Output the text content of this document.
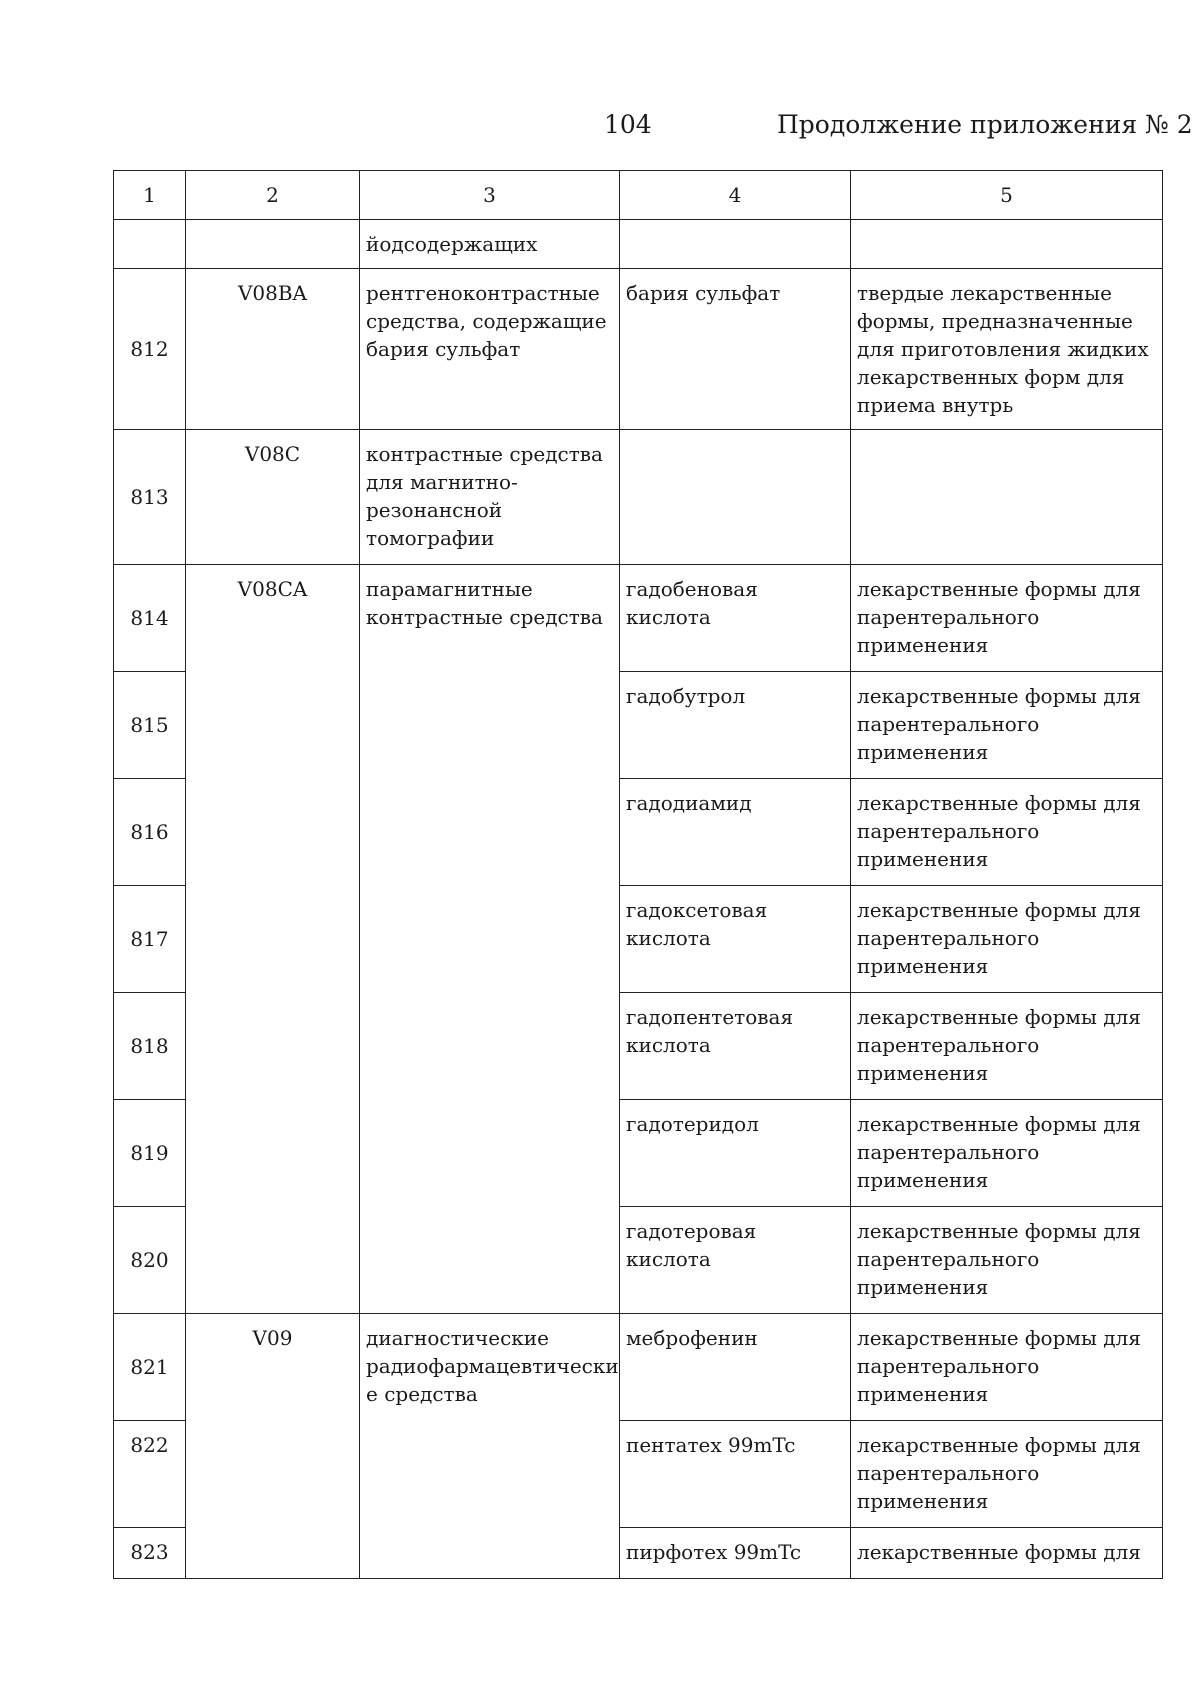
104	Продолжение приложения № 2
1	2	3	4	5
		йодсодержащих		
812	V08BA	рентгеноконтрастные средства, содержащие бария сульфат	бария сульфат	твердые лекарственные формы, предназначенные для приготовления жидких лекарственных форм для приема внутрь
813	V08C	контрастные средства для магнитно-резонансной томографии		
814	V08CA	парамагнитные контрастные средства	гадобеновая кислота	лекарственные формы для парентерального применения
815			гадобутрол	лекарственные формы для парентерального применения
816			гадодиамид	лекарственные формы для парентерального применения
817			гадоксетовая кислота	лекарственные формы для парентерального применения
818			гадопентетовая кислота	лекарственные формы для парентерального применения
819			гадотеридол	лекарственные формы для парентерального применения
820			гадотеровая кислота	лекарственные формы для парентерального применения
821	V09	диагностические радиофармацевтически е средства	меброфенин	лекарственные формы для парентерального применения
822			пентатех 99mTc	лекарственные формы для парентерального применения
823			пирфотех 99mTc	лекарственные формы для
